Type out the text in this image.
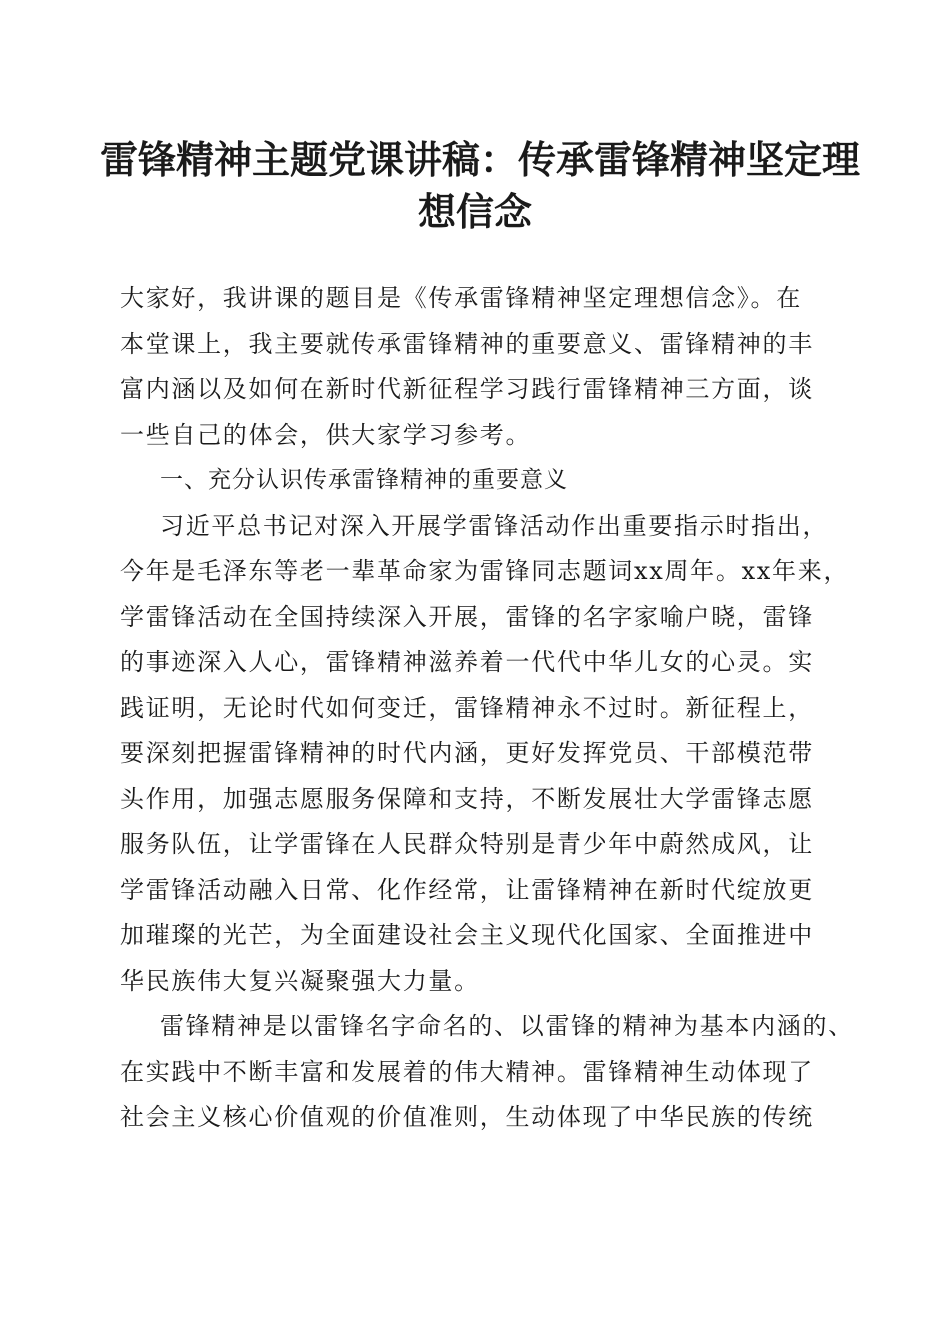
雷锋精神主题党课讲稿：传承雷锋精神坚定理
想信念
大家好，我讲课的题目是《传承雷锋精神坚定理想信念》。在
本堂课上，我主要就传承雷锋精神的重要意义、雷锋精神的丰
富内涵以及如何在新时代新征程学习践行雷锋精神三方面，谈
一些自己的体会，供大家学习参考。
一、充分认识传承雷锋精神的重要意义
习近平总书记对深入开展学雷锋活动作出重要指示时指出，
今年是毛泽东等老一辈革命家为雷锋同志题词xx周年。xx年来，
学雷锋活动在全国持续深入开展，雷锋的名字家喻户晓，雷锋
的事迹深入人心，雷锋精神滋养着一代代中华儿女的心灵。实
践证明，无论时代如何变迁，雷锋精神永不过时。新征程上，
要深刻把握雷锋精神的时代内涵，更好发挥党员、干部模范带
头作用，加强志愿服务保障和支持，不断发展壮大学雷锋志愿
服务队伍，让学雷锋在人民群众特别是青少年中蔚然成风，让
学雷锋活动融入日常、化作经常，让雷锋精神在新时代绽放更
加璀璨的光芒，为全面建设社会主义现代化国家、全面推进中
华民族伟大复兴凝聚强大力量。
雷锋精神是以雷锋名字命名的、以雷锋的精神为基本内涵的、
在实践中不断丰富和发展着的伟大精神。雷锋精神生动体现了
社会主义核心价值观的价值准则，生动体现了中华民族的传统
